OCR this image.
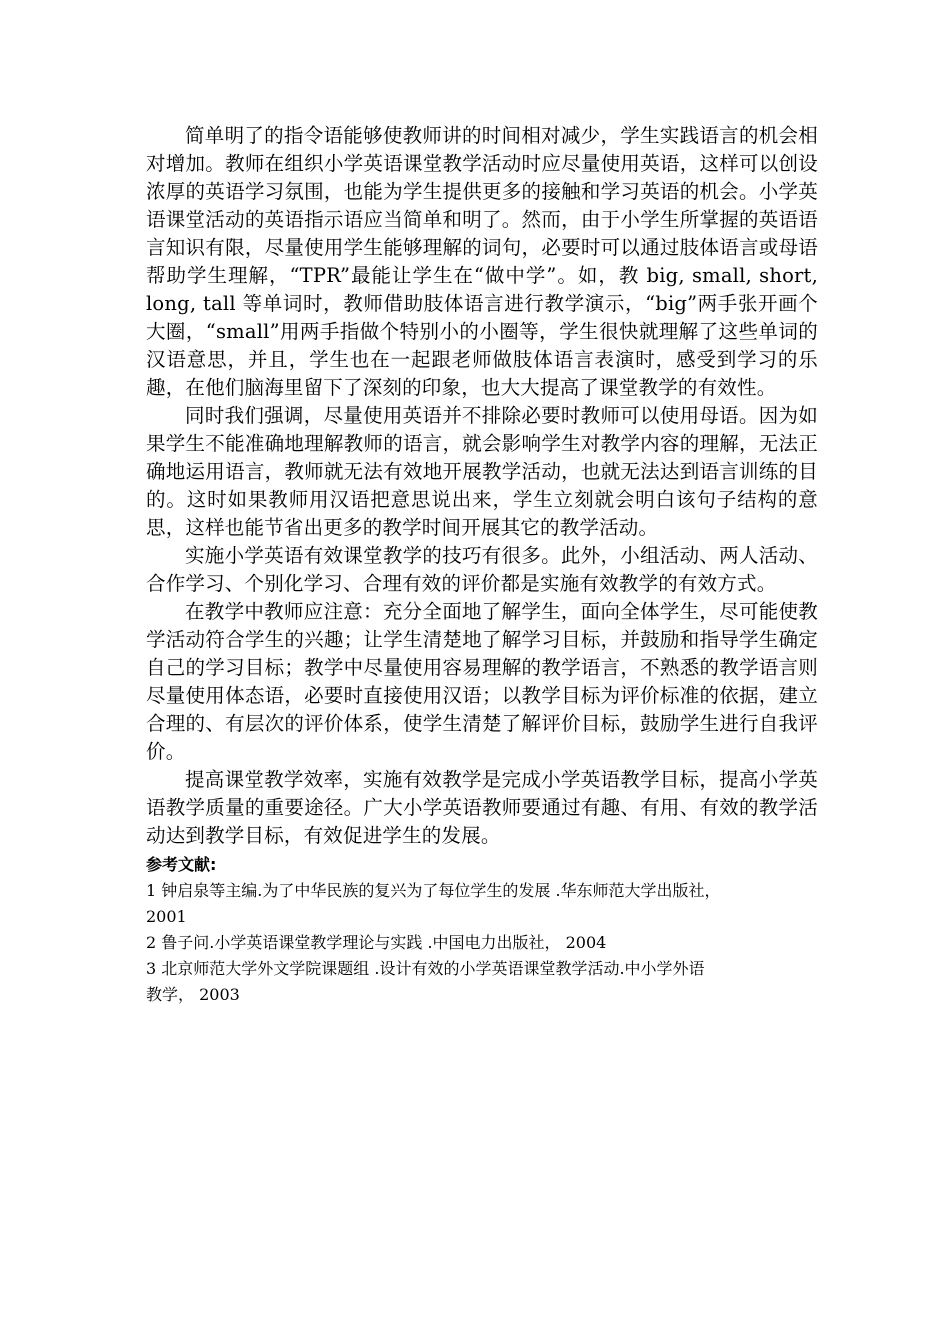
简单明了的指令语能够使教师讲的时间相对减少，学生实践语言的机会相对增加。教师在组织小学英语课堂教学活动时应尽量使用英语，这样可以创设浓厚的英语学习氛围，也能为学生提供更多的接触和学习英语的机会。小学英语课堂活动的英语指示语应当简单和明了。然而，由于小学生所掌握的英语语言知识有限，尽量使用学生能够理解的词句，必要时可以通过肢体语言或母语帮助学生理解，“TPR”最能让学生在“做中学”。如，教 big, small, short, long, tall 等单词时，教师借助肢体语言进行教学演示，“big”两手张开画个大圈，“small”用两手指做个特别小的小圈等，学生很快就理解了这些单词的汉语意思，并且，学生也在一起跟老师做肢体语言表演时，感受到学习的乐趣，在他们脑海里留下了深刻的印象，也大大提高了课堂教学的有效性。

同时我们强调，尽量使用英语并不排除必要时教师可以使用母语。因为如果学生不能准确地理解教师的语言，就会影响学生对教学内容的理解，无法正确地运用语言，教师就无法有效地开展教学活动，也就无法达到语言训练的目的。这时如果教师用汉语把意思说出来，学生立刻就会明白该句子结构的意思，这样也能节省出更多的教学时间开展其它的教学活动。

实施小学英语有效课堂教学的技巧有很多。此外，小组活动、两人活动、合作学习、个别化学习、合理有效的评价都是实施有效教学的有效方式。

在教学中教师应注意：充分全面地了解学生，面向全体学生，尽可能使教学活动符合学生的兴趣；让学生清楚地了解学习目标，并鼓励和指导学生确定自己的学习目标；教学中尽量使用容易理解的教学语言，不熟悉的教学语言则尽量使用体态语，必要时直接使用汉语；以教学目标为评价标准的依据，建立合理的、有层次的评价体系，使学生清楚了解评价目标，鼓励学生进行自我评价。

提高课堂教学效率，实施有效教学是完成小学英语教学目标，提高小学英语教学质量的重要途径。广大小学英语教师要通过有趣、有用、有效的教学活动达到教学目标，有效促进学生的发展。

参考文献:

1 钟启泉等主编.为了中华民族的复兴为了每位学生的发展 .华东师范大学出版社，
2001

2 鲁子问.小学英语课堂教学理论与实践 .中国电力出版社， 2004

3 北京师范大学外文学院课题组 .设计有效的小学英语课堂教学活动.中小学外语
教学， 2003
